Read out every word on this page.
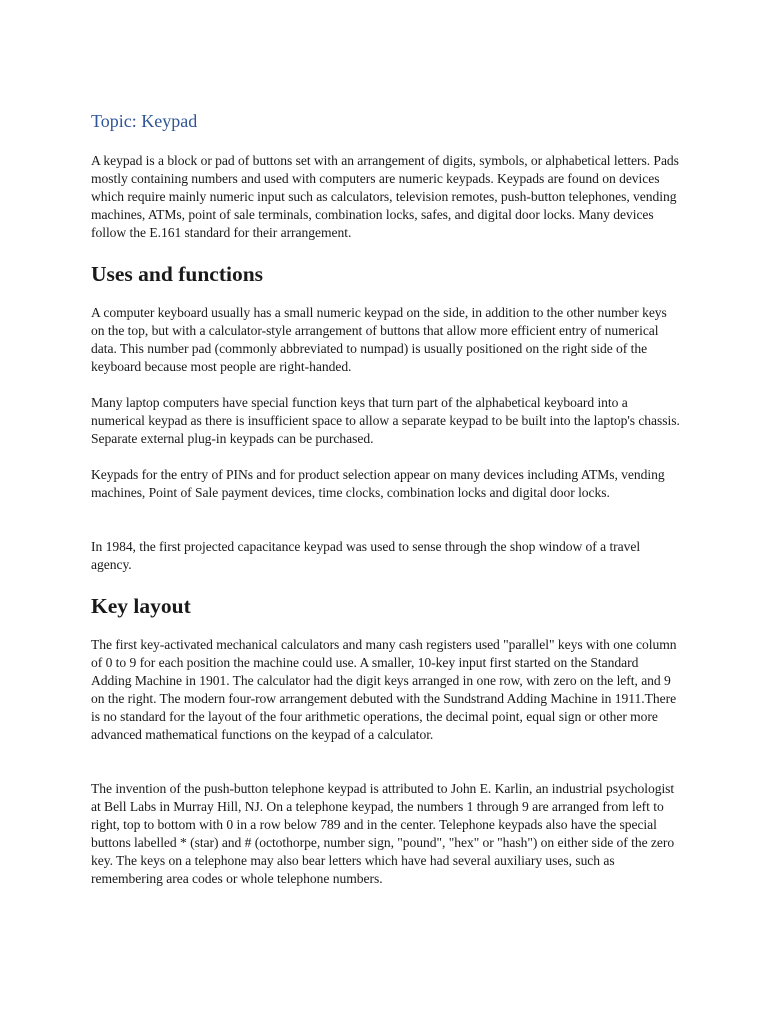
Topic: Keypad

A keypad is a block or pad of buttons set with an arrangement of digits, symbols, or alphabetical letters. Pads mostly containing numbers and used with computers are numeric keypads. Keypads are found on devices which require mainly numeric input such as calculators, television remotes, push-button telephones, vending machines, ATMs, point of sale terminals, combination locks, safes, and digital door locks. Many devices follow the E.161 standard for their arrangement.

Uses and functions

A computer keyboard usually has a small numeric keypad on the side, in addition to the other number keys on the top, but with a calculator-style arrangement of buttons that allow more efficient entry of numerical data. This number pad (commonly abbreviated to numpad) is usually positioned on the right side of the keyboard because most people are right-handed.

Many laptop computers have special function keys that turn part of the alphabetical keyboard into a numerical keypad as there is insufficient space to allow a separate keypad to be built into the laptop's chassis. Separate external plug-in keypads can be purchased.

Keypads for the entry of PINs and for product selection appear on many devices including ATMs, vending machines, Point of Sale payment devices, time clocks, combination locks and digital door locks.

In 1984, the first projected capacitance keypad was used to sense through the shop window of a travel agency.

Key layout

The first key-activated mechanical calculators and many cash registers used "parallel" keys with one column of 0 to 9 for each position the machine could use. A smaller, 10-key input first started on the Standard Adding Machine in 1901. The calculator had the digit keys arranged in one row, with zero on the left, and 9 on the right. The modern four-row arrangement debuted with the Sundstrand Adding Machine in 1911.There is no standard for the layout of the four arithmetic operations, the decimal point, equal sign or other more advanced mathematical functions on the keypad of a calculator.

The invention of the push-button telephone keypad is attributed to John E. Karlin, an industrial psychologist at Bell Labs in Murray Hill, NJ. On a telephone keypad, the numbers 1 through 9 are arranged from left to right, top to bottom with 0 in a row below 789 and in the center. Telephone keypads also have the special buttons labelled * (star) and # (octothorpe, number sign, "pound", "hex" or "hash") on either side of the zero key. The keys on a telephone may also bear letters which have had several auxiliary uses, such as remembering area codes or whole telephone numbers.
